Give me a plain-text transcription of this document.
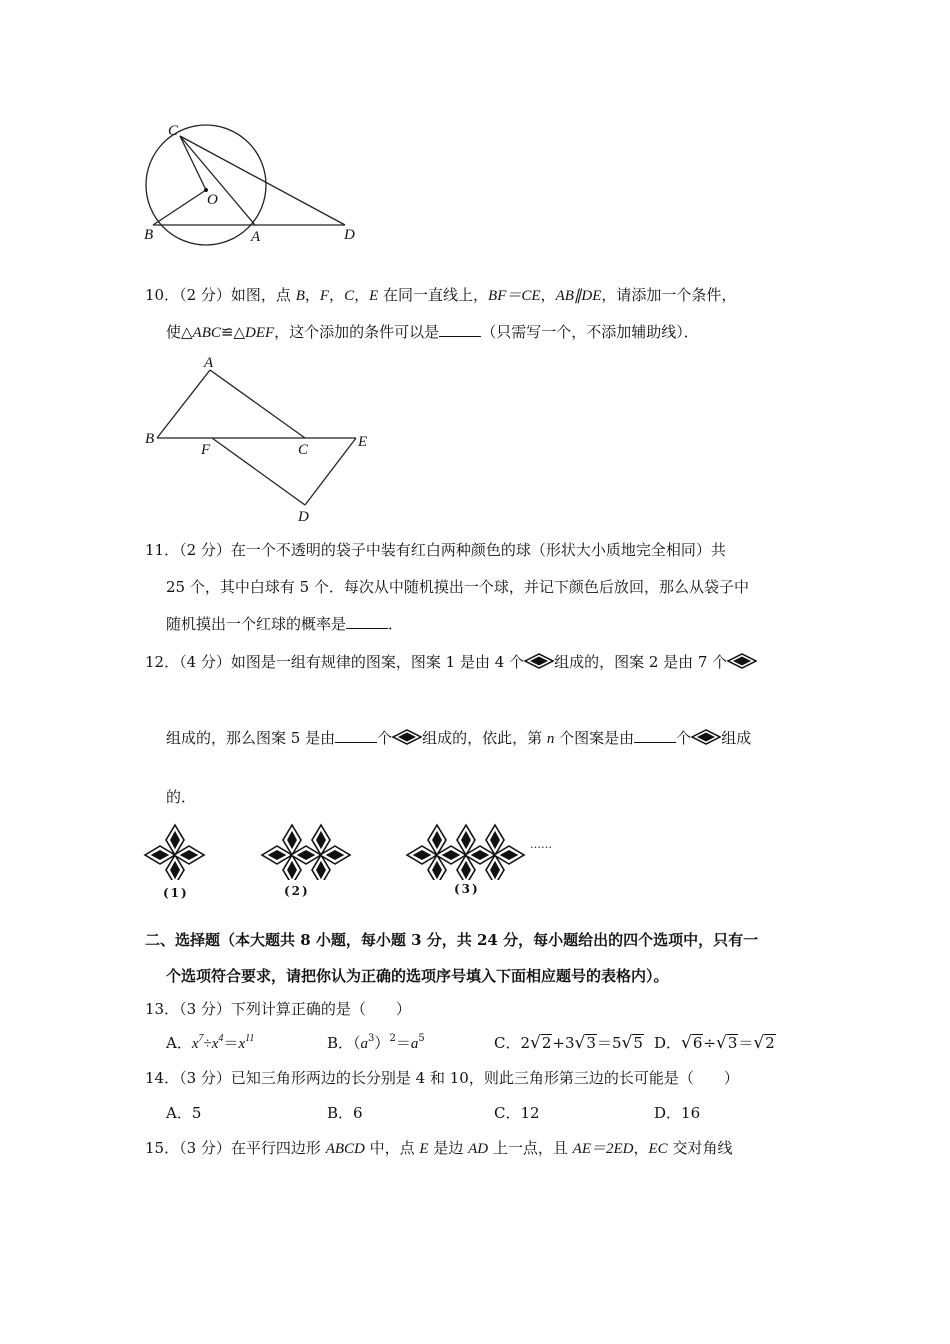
C
O
B	A	D
10．（2 分）如图，点 B，F，C，E 在同一直线上，BF＝CE，AB∥DE，请添加一个条件，
使△ABC≌△DEF，这个添加的条件可以是	（只需写一个，不添加辅助线）．
A
B
F	C	E
D
11．（2 分）在一个不透明的袋子中装有红白两种颜色的球（形状大小质地完全相同）共
25 个，其中白球有 5 个．每次从中随机摸出一个球，并记下颜色后放回，那么从袋子中
随机摸出一个红球的概率是	．
12．（4 分）如图是一组有规律的图案，图案 1 是由 4 个 组成的，图案 2 是由 7 个
组成的，那么图案 5 是由	个 组成的，依此，第 n 个图案是由	个 组成
的．
(1)	(2)	(3)
……
二、选择题（本大题共 8 小题，每小题 3 分，共 24 分，每小题给出的四个选项中，只有一
个选项符合要求，请把你认为正确的选项序号填入下面相应题号的表格内）。
13．（3 分）下列计算正确的是（　　）
A．$x^7\div x^4=x^{11}$	B．$(a^3)^2=a^5$	C．2√2+3√3＝5√5 D．√6÷√3＝√2
14．（3 分）已知三角形两边的长分别是 4 和 10，则此三角形第三边的长可能是（　　）
A．5	B．6	C．12	D．16
15．（3 分）在平行四边形 ABCD 中，点 E 是边 AD 上一点，且 AE＝2ED，EC 交对角线
